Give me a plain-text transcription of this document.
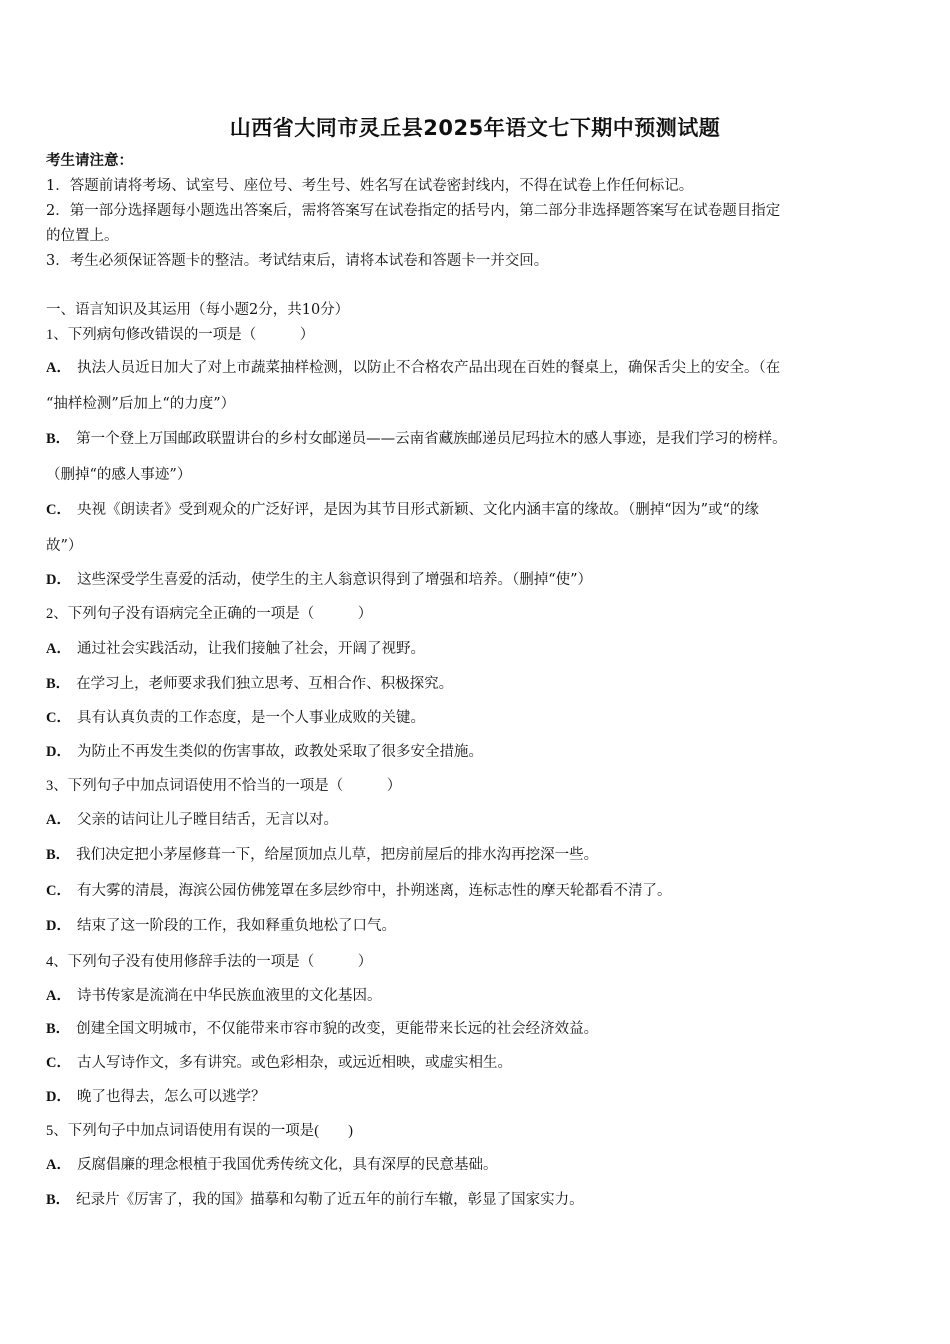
山西省大同市灵丘县2025年语文七下期中预测试题
考生请注意：
1．答题前请将考场、试室号、座位号、考生号、姓名写在试卷密封线内，不得在试卷上作任何标记。
2．第一部分选择题每小题选出答案后，需将答案写在试卷指定的括号内，第二部分非选择题答案写在试卷题目指定
的位置上。
3．考生必须保证答题卡的整洁。考试结束后，请将本试卷和答题卡一并交回。
一、语言知识及其运用（每小题2分，共10分）
1、下列病句修改错误的一项是（　　　）
A． 执法人员近日加大了对上市蔬菜抽样检测，以防止不合格农产品出现在百姓的餐桌上，确保舌尖上的安全。（在
“抽样检测”后加上“的力度”）
B． 第一个登上万国邮政联盟讲台的乡村女邮递员——云南省藏族邮递员尼玛拉木的感人事迹，是我们学习的榜样。
（删掉“的感人事迹”）
C． 央视《朗读者》受到观众的广泛好评，是因为其节目形式新颖、文化内涵丰富的缘故。（删掉“因为”或“的缘
故”）
D． 这些深受学生喜爱的活动，使学生的主人翁意识得到了增强和培养。（删掉“使”）
2、下列句子没有语病完全正确的一项是（　　　）
A． 通过社会实践活动，让我们接触了社会，开阔了视野。
B． 在学习上，老师要求我们独立思考、互相合作、积极探究。
C． 具有认真负责的工作态度，是一个人事业成败的关键。
D． 为防止不再发生类似的伤害事故，政教处采取了很多安全措施。
3、下列句子中加点词语使用不恰当的一项是（　　　）
A． 父亲的诘问让儿子瞠目结舌，无言以对。
B． 我们决定把小茅屋修葺一下，给屋顶加点儿草，把房前屋后的排水沟再挖深一些。
C． 有大雾的清晨，海滨公园仿佛笼罩在多层纱帘中，扑朔迷离，连标志性的摩天轮都看不清了。
D． 结束了这一阶段的工作，我如释重负地松了口气。
4、下列句子没有使用修辞手法的一项是（　　　）
A． 诗书传家是流淌在中华民族血液里的文化基因。
B． 创建全国文明城市，不仅能带来市容市貌的改变，更能带来长远的社会经济效益。
C． 古人写诗作文，多有讲究。或色彩相杂，或远近相映，或虚实相生。
D． 晚了也得去，怎么可以逃学？
5、下列句子中加点词语使用有误的一项是(　　)
A． 反腐倡廉的理念根植于我国优秀传统文化，具有深厚的民意基础。
B． 纪录片《厉害了，我的国》描摹和勾勒了近五年的前行车辙，彰显了国家实力。
